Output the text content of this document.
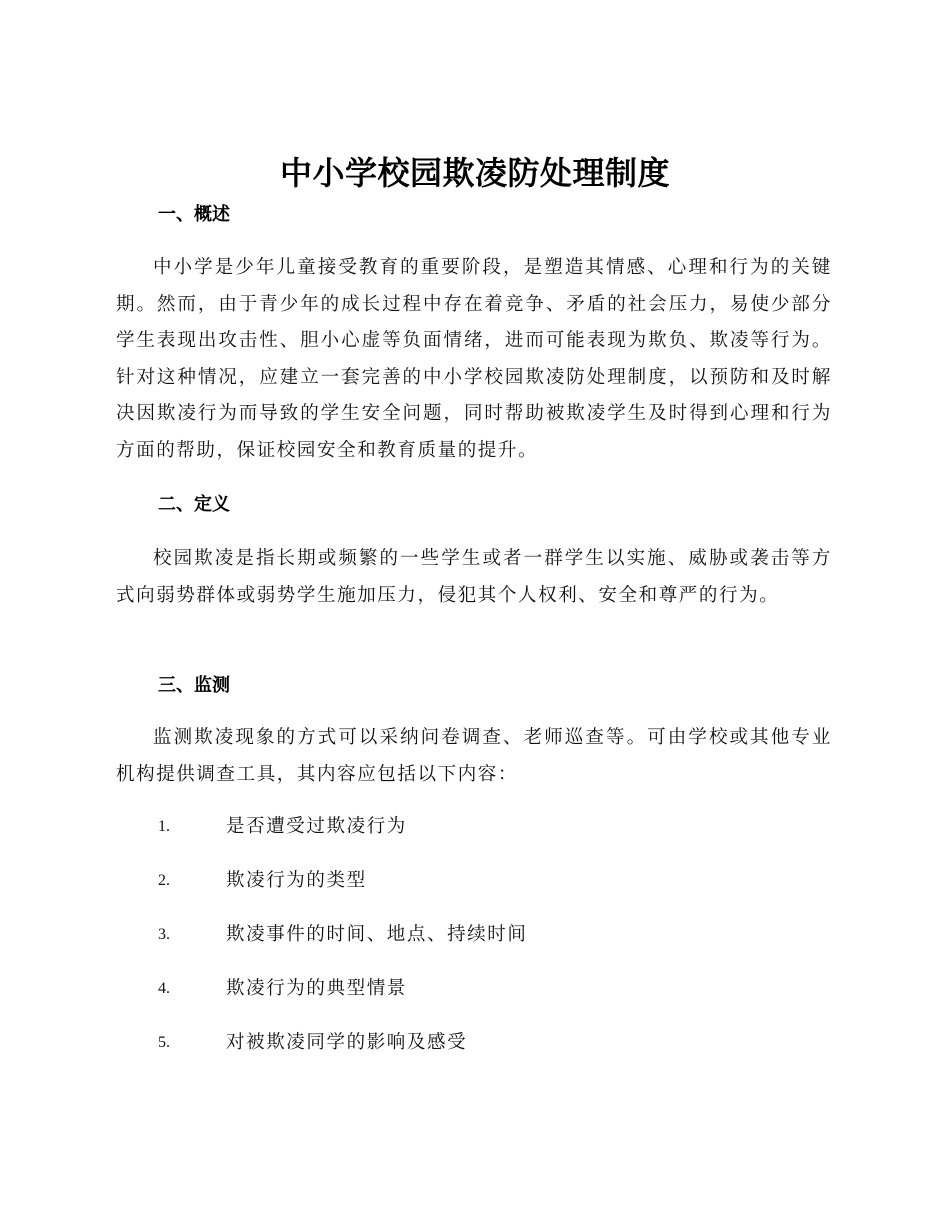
中小学校园欺凌防处理制度
一、概述
中小学是少年儿童接受教育的重要阶段，是塑造其情感、心理和行为的关键期。然而，由于青少年的成长过程中存在着竞争、矛盾的社会压力，易使少部分学生表现出攻击性、胆小心虚等负面情绪，进而可能表现为欺负、欺凌等行为。针对这种情况，应建立一套完善的中小学校园欺凌防处理制度，以预防和及时解决因欺凌行为而导致的学生安全问题，同时帮助被欺凌学生及时得到心理和行为方面的帮助，保证校园安全和教育质量的提升。
二、定义
校园欺凌是指长期或频繁的一些学生或者一群学生以实施、威胁或袭击等方式向弱势群体或弱势学生施加压力，侵犯其个人权利、安全和尊严的行为。
三、监测
监测欺凌现象的方式可以采纳问卷调查、老师巡查等。可由学校或其他专业机构提供调查工具，其内容应包括以下内容：
1.	是否遭受过欺凌行为
2.	欺凌行为的类型
3.	欺凌事件的时间、地点、持续时间
4.	欺凌行为的典型情景
5.	对被欺凌同学的影响及感受
